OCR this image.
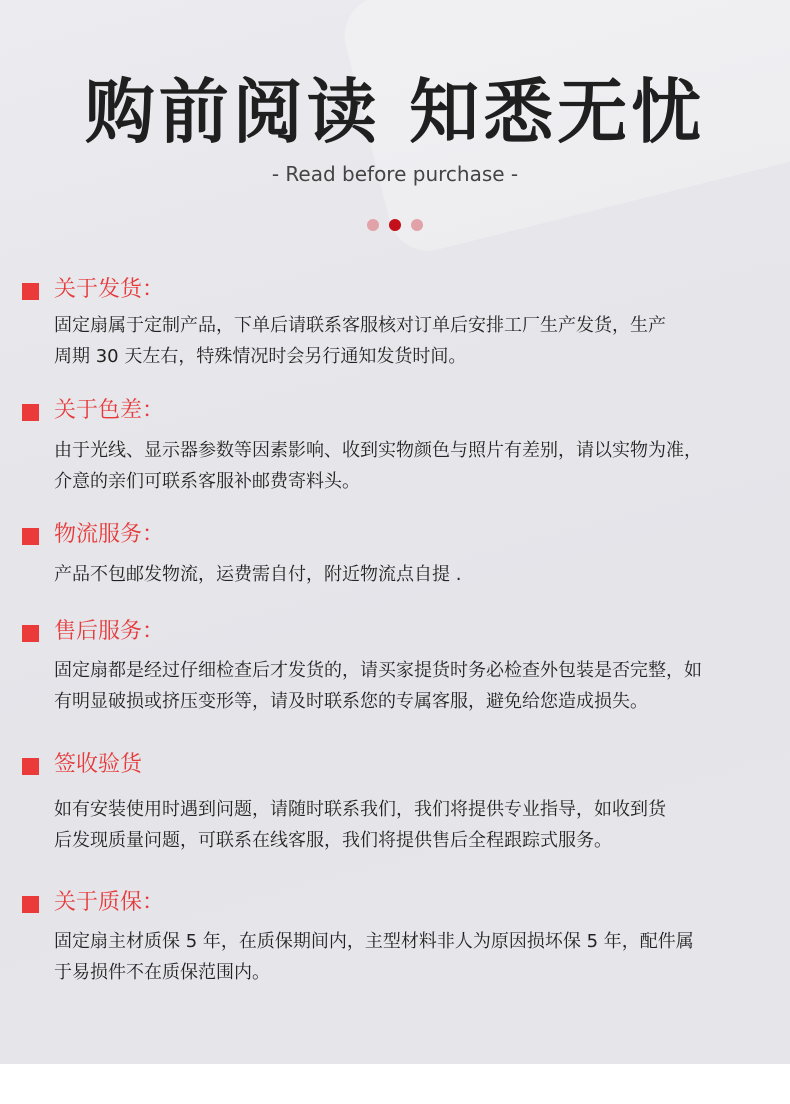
购前阅读 知悉无忧
- Read before purchase -
关于发货：
固定扇属于定制产品，下单后请联系客服核对订单后安排工厂生产发货，生产
周期 30 天左右，特殊情况时会另行通知发货时间。
关于色差：
由于光线、显示器参数等因素影响、收到实物颜色与照片有差别，请以实物为准，
介意的亲们可联系客服补邮费寄料头。
物流服务：
产品不包邮发物流，运费需自付，附近物流点自提 .
售后服务：
固定扇都是经过仔细检查后才发货的，请买家提货时务必检查外包装是否完整，如
有明显破损或挤压变形等，请及时联系您的专属客服，避免给您造成损失。
签收验货
如有安装使用时遇到问题，请随时联系我们，我们将提供专业指导，如收到货
后发现质量问题，可联系在线客服，我们将提供售后全程跟踪式服务。
关于质保：
固定扇主材质保 5 年，在质保期间内，主型材料非人为原因损坏保 5 年，配件属
于易损件不在质保范围内。
